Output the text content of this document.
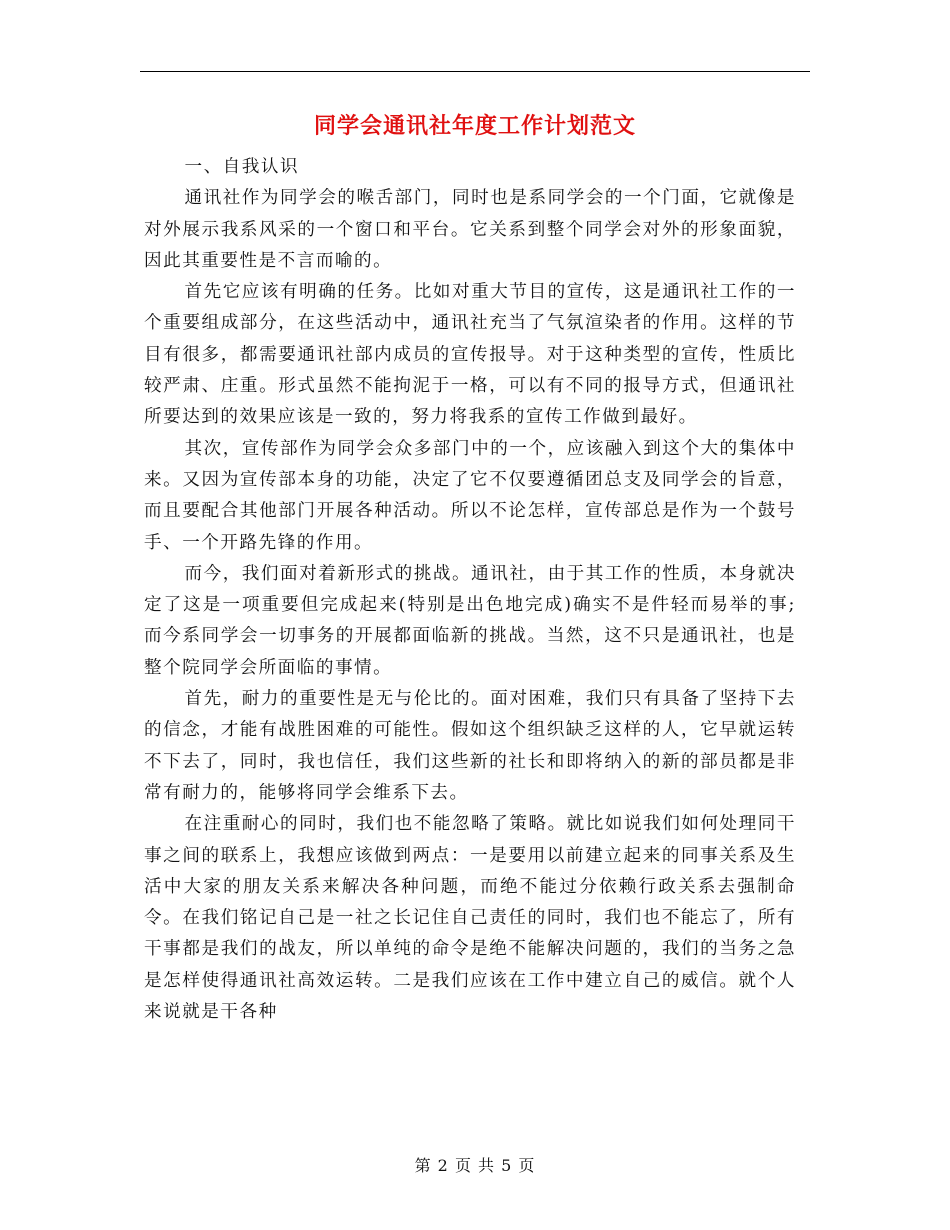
同学会通讯社年度工作计划范文

一、自我认识

通讯社作为同学会的喉舌部门，同时也是系同学会的一个门面，它就像是对外展示我系风采的一个窗口和平台。它关系到整个同学会对外的形象面貌，因此其重要性是不言而喻的。

首先它应该有明确的任务。比如对重大节目的宣传，这是通讯社工作的一个重要组成部分，在这些活动中，通讯社充当了气氛渲染者的作用。这样的节目有很多，都需要通讯社部内成员的宣传报导。对于这种类型的宣传，性质比较严肃、庄重。形式虽然不能拘泥于一格，可以有不同的报导方式，但通讯社所要达到的效果应该是一致的，努力将我系的宣传工作做到最好。

其次，宣传部作为同学会众多部门中的一个，应该融入到这个大的集体中来。又因为宣传部本身的功能，决定了它不仅要遵循团总支及同学会的旨意，而且要配合其他部门开展各种活动。所以不论怎样，宣传部总是作为一个鼓号手、一个开路先锋的作用。

而今，我们面对着新形式的挑战。通讯社，由于其工作的性质，本身就决定了这是一项重要但完成起来(特别是出色地完成)确实不是件轻而易举的事;而今系同学会一切事务的开展都面临新的挑战。当然，这不只是通讯社，也是整个院同学会所面临的事情。

首先，耐力的重要性是无与伦比的。面对困难，我们只有具备了坚持下去的信念，才能有战胜困难的可能性。假如这个组织缺乏这样的人，它早就运转不下去了，同时，我也信任，我们这些新的社长和即将纳入的新的部员都是非常有耐力的，能够将同学会维系下去。

在注重耐心的同时，我们也不能忽略了策略。就比如说我们如何处理同干事之间的联系上，我想应该做到两点：一是要用以前建立起来的同事关系及生活中大家的朋友关系来解决各种问题，而绝不能过分依赖行政关系去强制命令。在我们铭记自己是一社之长记住自己责任的同时，我们也不能忘了，所有干事都是我们的战友，所以单纯的命令是绝不能解决问题的，我们的当务之急是怎样使得通讯社高效运转。二是我们应该在工作中建立自己的威信。就个人来说就是干各种

第 2 页 共 5 页
